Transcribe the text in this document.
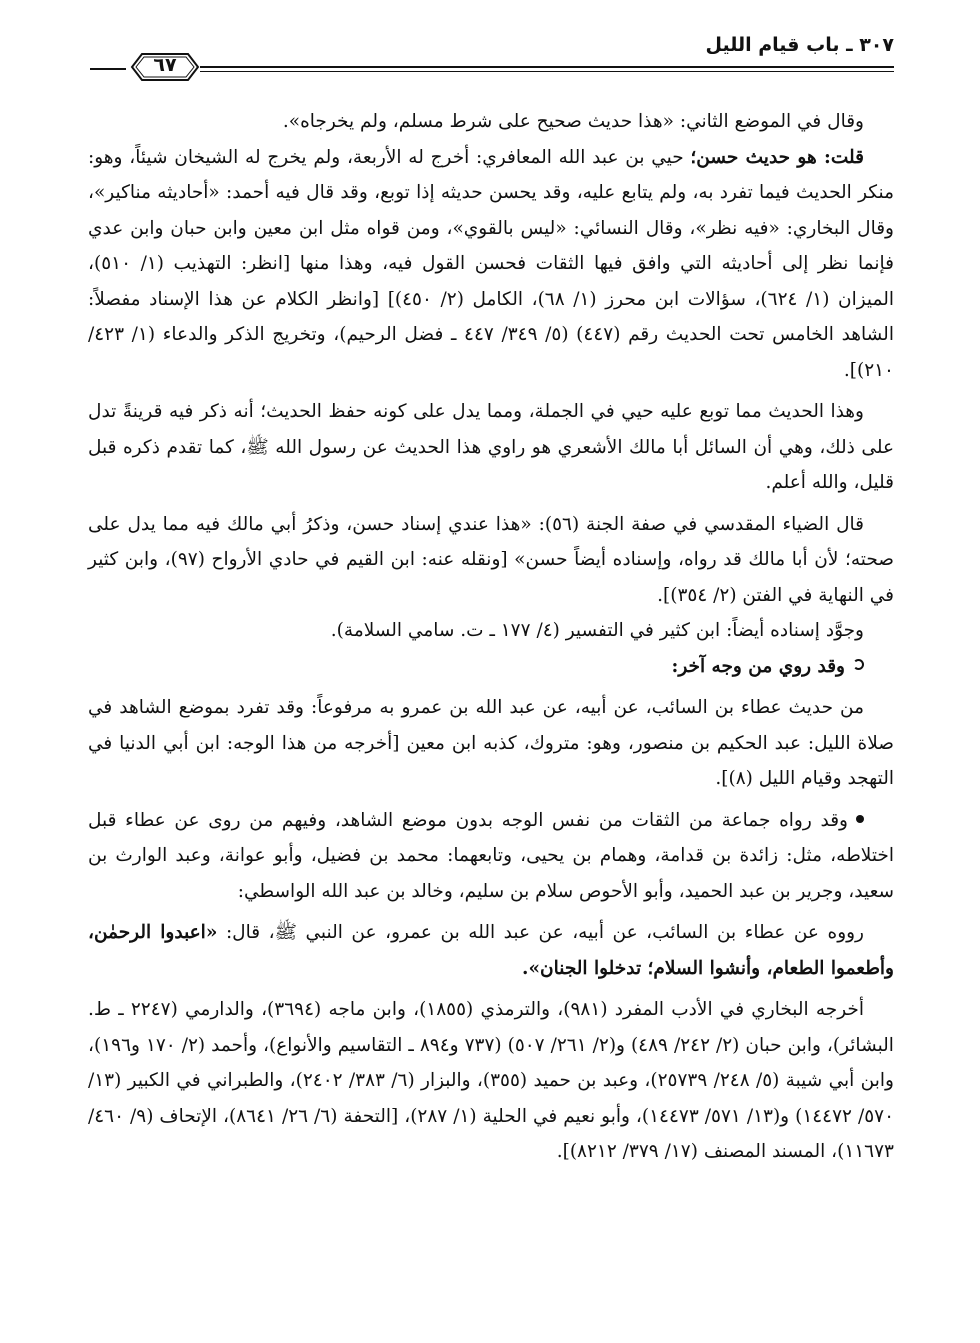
٣٠٧ ـ باب قيام الليل
٦٧

وقال في الموضع الثاني: «هذا حديث صحيح على شرط مسلم، ولم يخرجاه».

قلت: هو حديث حسن؛ حيي بن عبد الله المعافري: أخرج له الأربعة، ولم يخرج له الشيخان شيئاً، وهو: منكر الحديث فيما تفرد به، ولم يتابع عليه، وقد يحسن حديثه إذا توبع، وقد قال فيه أحمد: «أحاديثه مناكير»، وقال البخاري: «فيه نظر»، وقال النسائي: «ليس بالقوي»، ومن قواه مثل ابن معين وابن حبان وابن عدي فإنما نظر إلى أحاديثه التي وافق فيها الثقات فحسن القول فيه، وهذا منها [انظر: التهذيب (١/ ٥١٠)، الميزان (١/ ٦٢٤)، سؤالات ابن محرز (١/ ٦٨)، الكامل (٢/ ٤٥٠)] [وانظر الكلام عن هذا الإسناد مفصلاً: الشاهد الخامس تحت الحديث رقم (٤٤٧) (٥/ ٣٤٩/ ٤٤٧ ـ فضل الرحيم)، وتخريج الذكر والدعاء (١/ ٤٢٣/ ٢١٠)].

وهذا الحديث مما توبع عليه حيي في الجملة، ومما يدل على كونه حفظ الحديث؛ أنه ذكر فيه قرينةً تدل على ذلك، وهي أن السائل أبا مالك الأشعري هو راوي هذا الحديث عن رسول الله ﷺ، كما تقدم ذكره قبل قليل، والله أعلم.

قال الضياء المقدسي في صفة الجنة (٥٦): «هذا عندي إسناد حسن، وذكرُ أبي مالك فيه مما يدل على صحته؛ لأن أبا مالك قد رواه، وإسناده أيضاً حسن» [ونقله عنه: ابن القيم في حادي الأرواح (٩٧)، وابن كثير في النهاية في الفتن (٢/ ٣٥٤)].

وجوَّد إسناده أيضاً: ابن كثير في التفسير (٤/ ١٧٧ ـ ت. سامي السلامة).

وقد روي من وجه آخر:

من حديث عطاء بن السائب، عن أبيه، عن عبد الله بن عمرو به مرفوعاً: وقد تفرد بموضع الشاهد في صلاة الليل: عبد الحكيم بن منصور، وهو: متروك، كذبه ابن معين [أخرجه من هذا الوجه: ابن أبي الدنيا في التهجد وقيام الليل (٨)].

وقد رواه جماعة من الثقات من نفس الوجه بدون موضع الشاهد، وفيهم من روى عن عطاء قبل اختلاطه، مثل: زائدة بن قدامة، وهمام بن يحيى، وتابعهما: محمد بن فضيل، وأبو عوانة، وعبد الوارث بن سعيد، وجرير بن عبد الحميد، وأبو الأحوص سلام بن سليم، وخالد بن عبد الله الواسطي:

رووه عن عطاء بن السائب، عن أبيه، عن عبد الله بن عمرو، عن النبي ﷺ، قال: «اعبدوا الرحمٰن، وأطعموا الطعام، وأنشوا السلام؛ تدخلوا الجنان».

أخرجه البخاري في الأدب المفرد (٩٨١)، والترمذي (١٨٥٥)، وابن ماجه (٣٦٩٤)، والدارمي (٢٢٤٧ ـ ط. البشائر)، وابن حبان (٢/ ٢٤٢/ ٤٨٩) و(٢/ ٢٦١/ ٥٠٧) (٧٣٧ و٨٩٤ ـ التقاسيم والأنواع)، وأحمد (٢/ ١٧٠ و١٩٦)، وابن أبي شيبة (٥/ ٢٤٨/ ٢٥٧٣٩)، وعبد بن حميد (٣٥٥)، والبزار (٦/ ٣٨٣/ ٢٤٠٢)، والطبراني في الكبير (١٣/ ٥٧٠/ ١٤٤٧٢) و(١٣/ ٥٧١/ ١٤٤٧٣)، وأبو نعيم في الحلية (١/ ٢٨٧)، [التحفة (٦/ ٢٦/ ٨٦٤١)، الإتحاف (٩/ ٤٦٠/ ١١٦٧٣)، المسند المصنف (١٧/ ٣٧٩/ ٨٢١٢)].
